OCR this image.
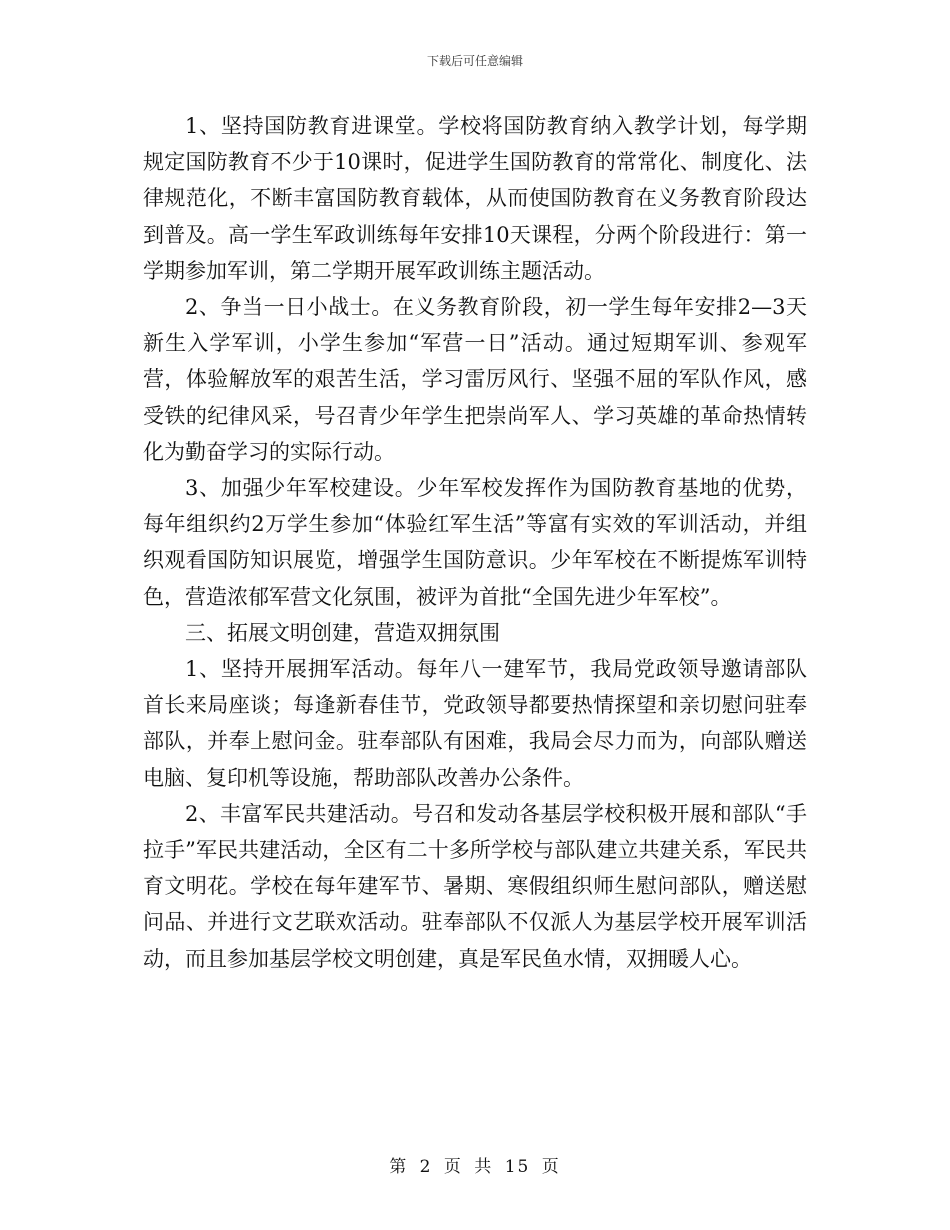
下载后可任意编辑

1、坚持国防教育进课堂。学校将国防教育纳入教学计划，每学期规定国防教育不少于10课时，促进学生国防教育的常常化、制度化、法律规范化，不断丰富国防教育载体，从而使国防教育在义务教育阶段达到普及。高一学生军政训练每年安排10天课程，分两个阶段进行：第一学期参加军训，第二学期开展军政训练主题活动。

2、争当一日小战士。在义务教育阶段，初一学生每年安排2—3天新生入学军训，小学生参加“军营一日”活动。通过短期军训、参观军营，体验解放军的艰苦生活，学习雷厉风行、坚强不屈的军队作风，感受铁的纪律风采，号召青少年学生把崇尚军人、学习英雄的革命热情转化为勤奋学习的实际行动。

3、加强少年军校建设。少年军校发挥作为国防教育基地的优势，每年组织约2万学生参加“体验红军生活”等富有实效的军训活动，并组织观看国防知识展览，增强学生国防意识。少年军校在不断提炼军训特色，营造浓郁军营文化氛围，被评为首批“全国先进少年军校”。

三、拓展文明创建，营造双拥氛围

1、坚持开展拥军活动。每年八一建军节，我局党政领导邀请部队首长来局座谈；每逢新春佳节，党政领导都要热情探望和亲切慰问驻奉部队，并奉上慰问金。驻奉部队有困难，我局会尽力而为，向部队赠送电脑、复印机等设施，帮助部队改善办公条件。

2、丰富军民共建活动。号召和发动各基层学校积极开展和部队“手拉手”军民共建活动，全区有二十多所学校与部队建立共建关系，军民共育文明花。学校在每年建军节、暑期、寒假组织师生慰问部队，赠送慰问品、并进行文艺联欢活动。驻奉部队不仅派人为基层学校开展军训活动，而且参加基层学校文明创建，真是军民鱼水情，双拥暖人心。

第 2 页 共 15 页
